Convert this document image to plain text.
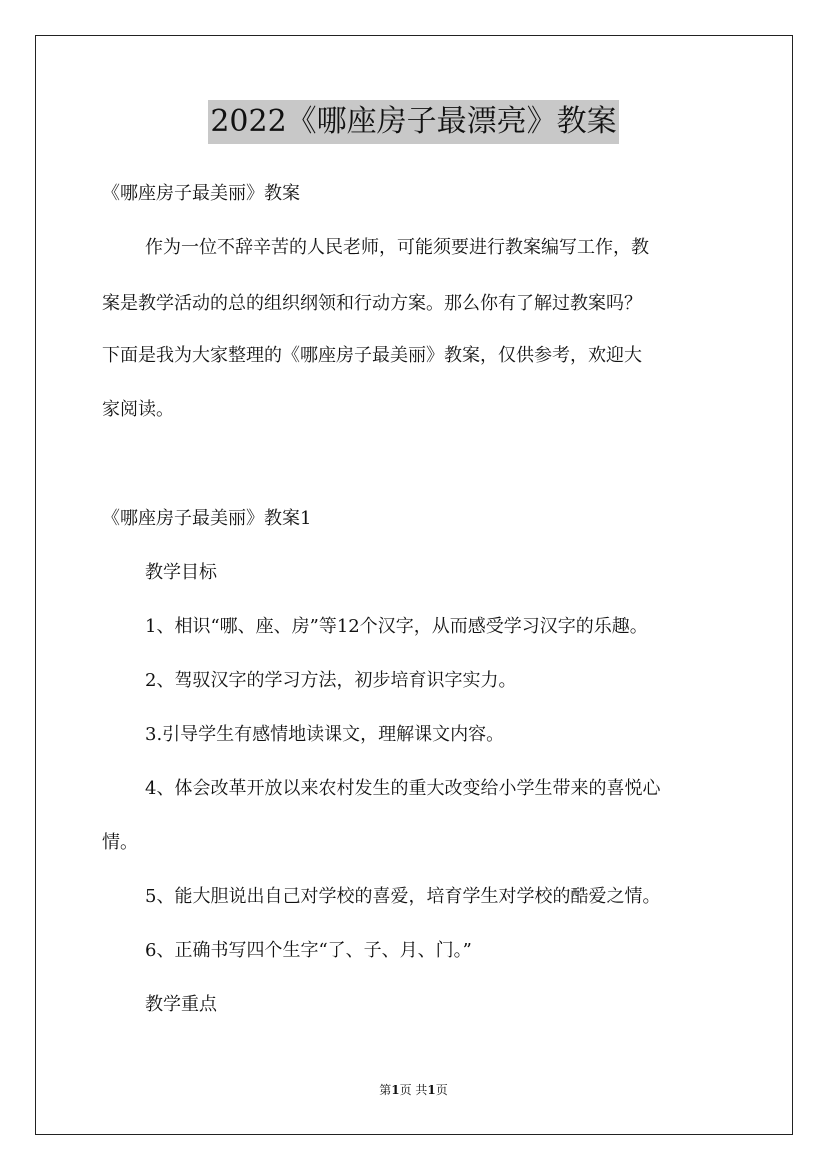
2022《哪座房子最漂亮》教案
《哪座房子最美丽》教案
作为一位不辞辛苦的人民老师，可能须要进行教案编写工作，教
案是教学活动的总的组织纲领和行动方案。那么你有了解过教案吗？
下面是我为大家整理的《哪座房子最美丽》教案，仅供参考，欢迎大
家阅读。
《哪座房子最美丽》教案1
教学目标
1、相识“哪、座、房”等12个汉字，从而感受学习汉字的乐趣。
2、驾驭汉字的学习方法，初步培育识字实力。
3.引导学生有感情地读课文，理解课文内容。
4、体会改革开放以来农村发生的重大改变给小学生带来的喜悦心
情。
5、能大胆说出自己对学校的喜爱，培育学生对学校的酷爱之情。
6、正确书写四个生字“了、子、月、门。”
教学重点
第1页 共1页
